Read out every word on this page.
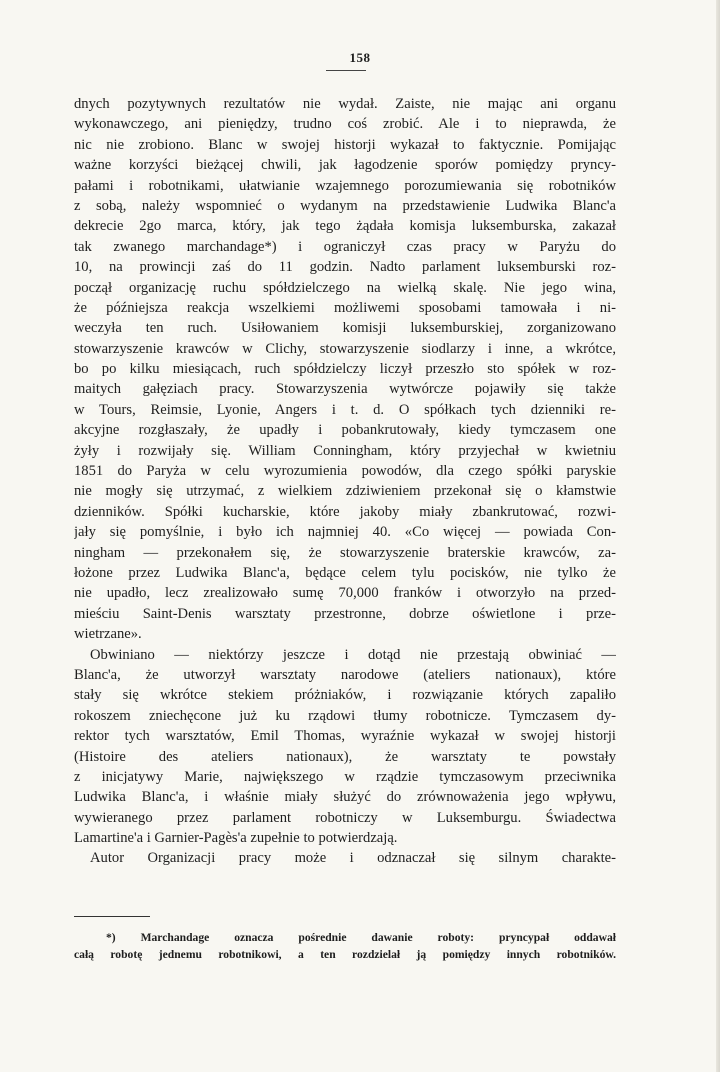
158
dnych pozytywnych rezultatów nie wydał. Zaiste, nie mając ani organu
wykonawczego, ani pieniędzy, trudno coś zrobić. Ale i to nieprawda, że
nic nie zrobiono. Blanc w swojej historji wykazał to faktycznie. Pomijając
ważne korzyści bieżącej chwili, jak łagodzenie sporów pomiędzy pryncy-
pałami i robotnikami, ułatwianie wzajemnego porozumiewania się robotników
z sobą, należy wspomnieć o wydanym na przedstawienie Ludwika Blanc'a
dekrecie 2go marca, który, jak tego żądała komisja luksemburska, zakazał
tak zwanego marchandage*) i ograniczył czas pracy w Paryżu do
10, na prowincji zaś do 11 godzin. Nadto parlament luksemburski roz-
począł organizację ruchu spółdzielczego na wielką skalę. Nie jego wina,
że późniejsza reakcja wszelkiemi możliwemi sposobami tamowała i ni-
weczyła ten ruch. Usiłowaniem komisji luksemburskiej, zorganizowano
stowarzyszenie krawców w Clichy, stowarzyszenie siodlarzy i inne, a wkrótce,
bo po kilku miesiącach, ruch spółdzielczy liczył przeszło sto spółek w roz-
maitych gałęziach pracy. Stowarzyszenia wytwórcze pojawiły się także
w Tours, Reimsie, Lyonie, Angers i t. d. O spółkach tych dzienniki re-
akcyjne rozgłaszały, że upadły i pobankrutowały, kiedy tymczasem one
żyły i rozwijały się. William Conningham, który przyjechał w kwietniu
1851 do Paryża w celu wyrozumienia powodów, dla czego spółki paryskie
nie mogły się utrzymać, z wielkiem zdziwieniem przekonał się o kłamstwie
dzienników. Spółki kucharskie, które jakoby miały zbankrutować, rozwi-
jały się pomyślnie, i było ich najmniej 40. «Co więcej — powiada Con-
ningham — przekonałem się, że stowarzyszenie braterskie krawców, za-
łożone przez Ludwika Blanc'a, będące celem tylu pocisków, nie tylko że
nie upadło, lecz zrealizowało sumę 70,000 franków i otworzyło na przed-
mieściu Saint-Denis warsztaty przestronne, dobrze oświetlone i prze-
wietrzane».
Obwiniano — niektórzy jeszcze i dotąd nie przestają obwiniać —
Blanc'a, że utworzył warsztaty narodowe (ateliers nationaux), które
stały się wkrótce stekiem próżniaków, i rozwiązanie których zapaliło
rokoszem zniechęcone już ku rządowi tłumy robotnicze. Tymczasem dy-
rektor tych warsztatów, Emil Thomas, wyraźnie wykazał w swojej historji
(Histoire des ateliers nationaux), że warsztaty te powstały
z inicjatywy Marie, największego w rządzie tymczasowym przeciwnika
Ludwika Blanc'a, i właśnie miały służyć do zrównoważenia jego wpływu,
wywieranego przez parlament robotniczy w Luksemburgu. Świadectwa
Lamartine'a i Garnier-Pagès'a zupełnie to potwierdzają.
Autor Organizacji pracy może i odznaczał się silnym charakte-
*) Marchandage oznacza pośrednie dawanie roboty: pryncypał oddawał
całą robotę jednemu robotnikowi, a ten rozdzielał ją pomiędzy innych robotników.
